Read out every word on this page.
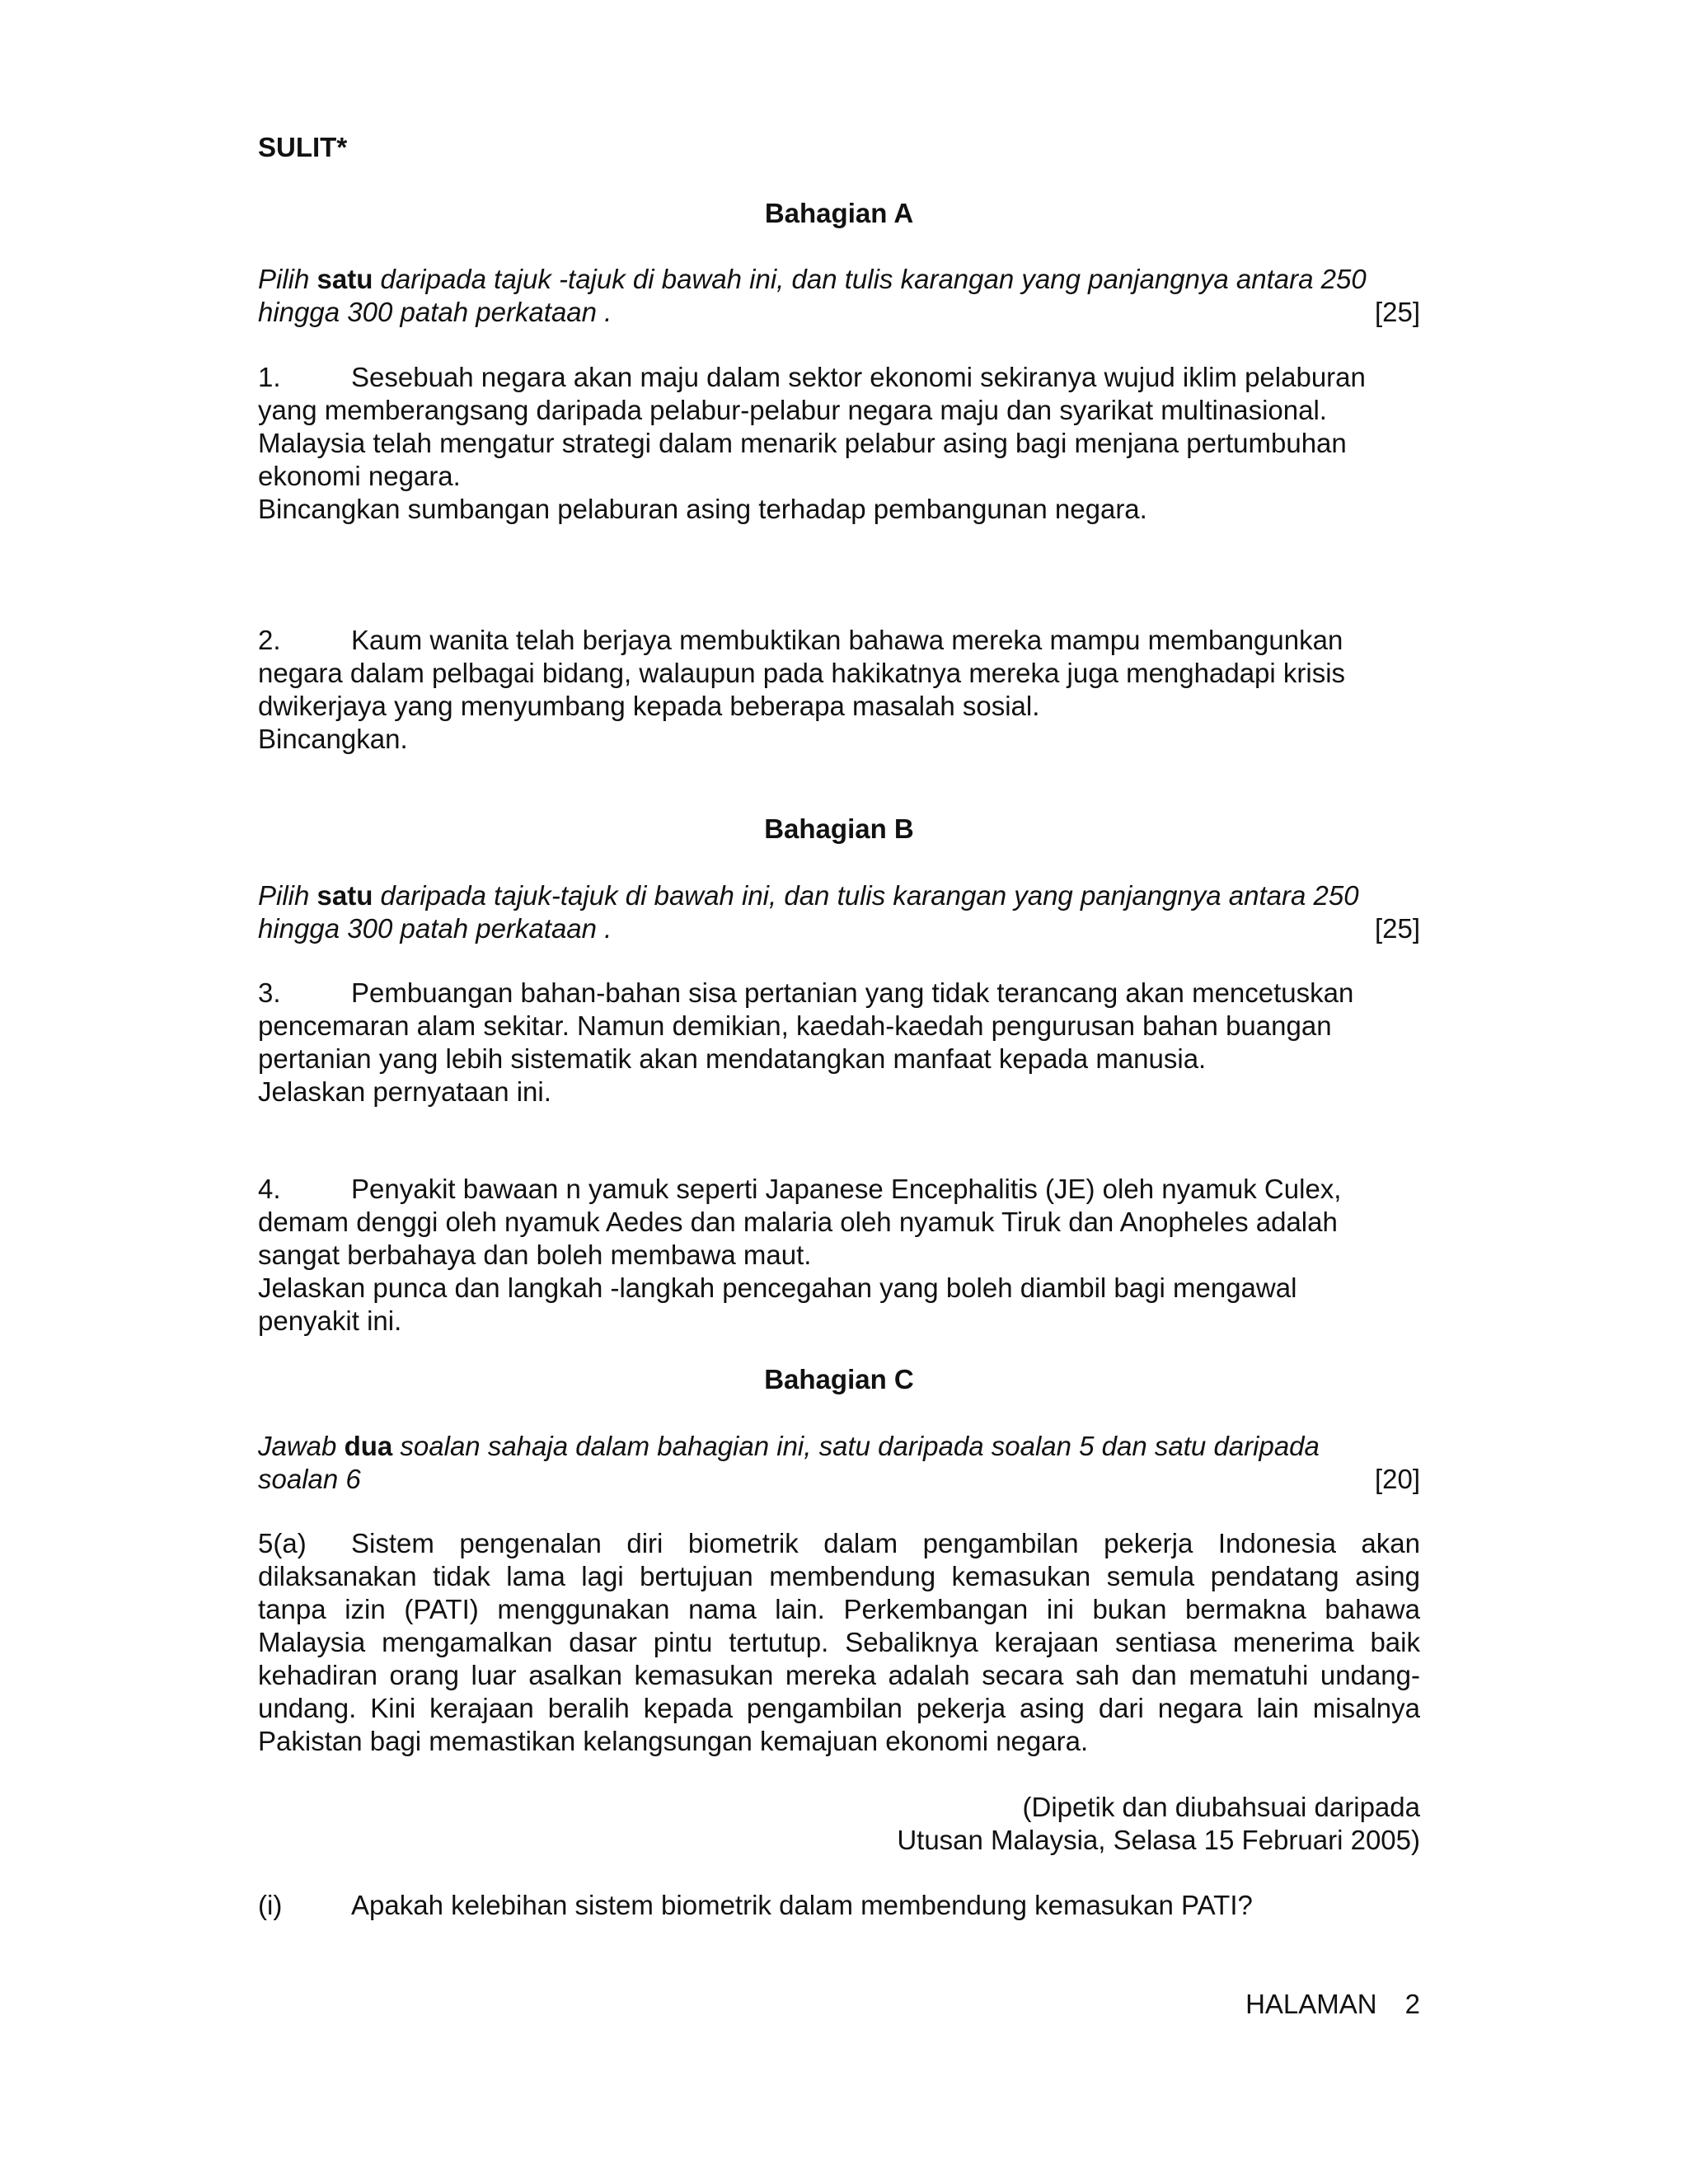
SULIT*
Bahagian A
Pilih satu daripada tajuk -tajuk di bawah ini, dan tulis karangan yang panjangnya antara 250
hingga 300 patah perkataan .	[25]
1.	Sesebuah negara akan maju dalam sektor ekonomi sekiranya wujud iklim pelaburan
yang memberangsang daripada pelabur-pelabur negara maju dan syarikat multinasional.
Malaysia telah mengatur strategi dalam menarik pelabur asing bagi menjana pertumbuhan
ekonomi negara.
Bincangkan sumbangan pelaburan asing terhadap pembangunan negara.
2.	Kaum wanita telah berjaya membuktikan bahawa mereka mampu membangunkan
negara dalam pelbagai bidang, walaupun pada hakikatnya mereka juga menghadapi krisis
dwikerjaya yang menyumbang kepada beberapa masalah sosial.
Bincangkan.
Bahagian B
Pilih satu daripada tajuk-tajuk di bawah ini, dan tulis karangan yang panjangnya antara 250
hingga 300 patah perkataan .	[25]
3.	Pembuangan bahan-bahan sisa pertanian yang tidak terancang akan mencetuskan
pencemaran alam sekitar. Namun demikian, kaedah-kaedah pengurusan bahan buangan
pertanian yang lebih sistematik akan mendatangkan manfaat kepada manusia.
Jelaskan pernyataan ini.
4.	Penyakit bawaan n yamuk seperti Japanese Encephalitis (JE) oleh nyamuk Culex,
demam denggi oleh nyamuk Aedes dan malaria oleh nyamuk Tiruk dan Anopheles adalah
sangat berbahaya dan boleh membawa maut.
Jelaskan punca dan langkah -langkah pencegahan yang boleh diambil bagi mengawal
penyakit ini.
Bahagian C
Jawab dua soalan sahaja dalam bahagian ini, satu daripada soalan 5 dan satu daripada
soalan 6	[20]
5(a) Sistem pengenalan diri biometrik dalam pengambilan pekerja Indonesia akan
dilaksanakan tidak lama lagi bertujuan membendung kemasukan semula pendatang asing
tanpa izin (PATI) menggunakan nama lain. Perkembangan ini bukan bermakna bahawa
Malaysia mengamalkan dasar pintu tertutup. Sebaliknya kerajaan sentiasa menerima baik
kehadiran orang luar asalkan kemasukan mereka adalah secara sah dan mematuhi undang-
undang. Kini kerajaan beralih kepada pengambilan pekerja asing dari negara lain misalnya
Pakistan bagi memastikan kelangsungan kemajuan ekonomi negara.
(Dipetik dan diubahsuai daripada
Utusan Malaysia, Selasa 15 Februari 2005)
(i)	Apakah kelebihan sistem biometrik dalam membendung kemasukan PATI?
HALAMAN 2
